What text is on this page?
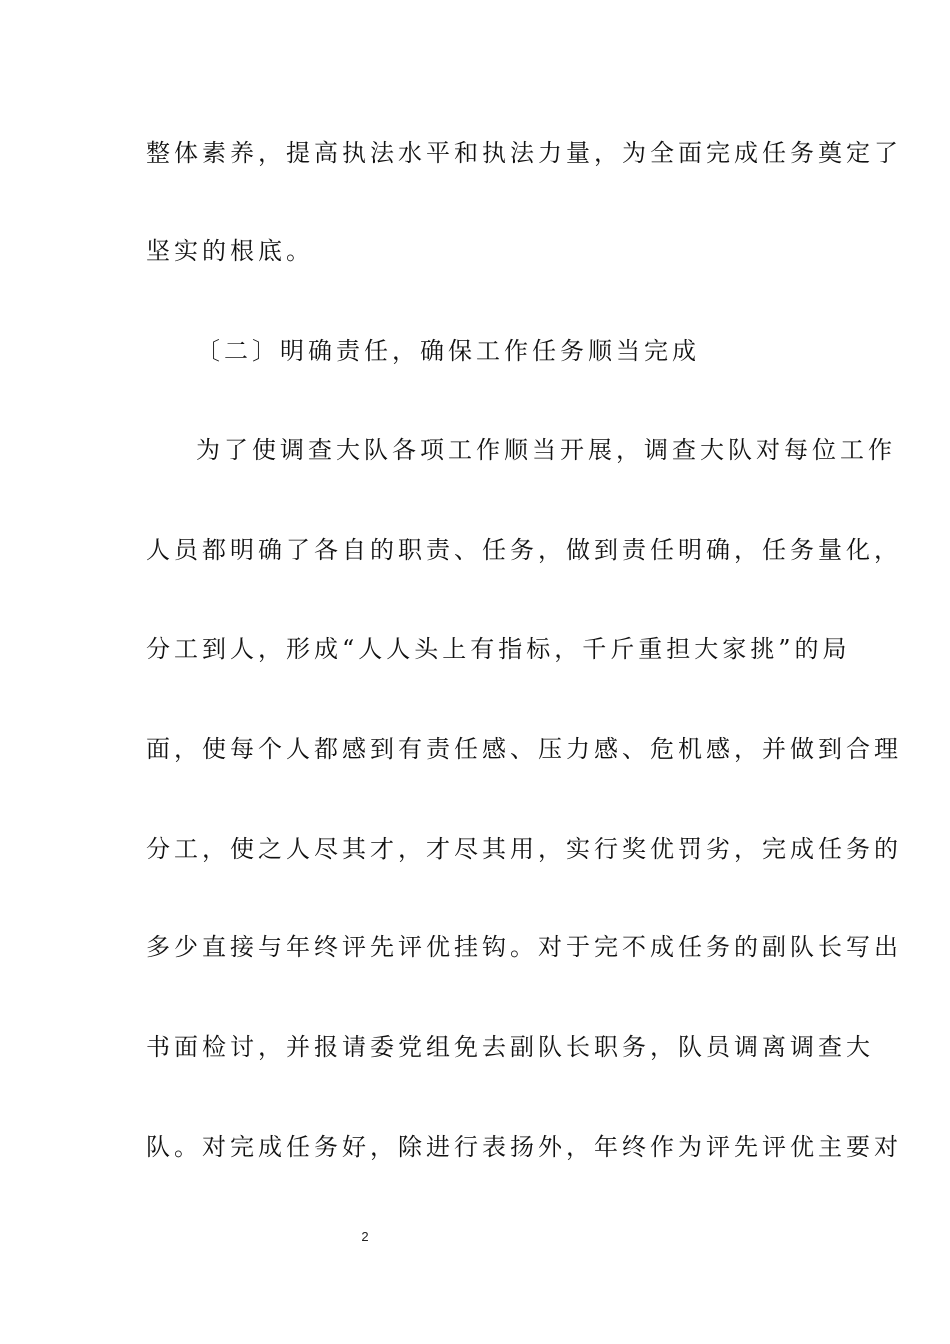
整体素养，提高执法水平和执法力量，为全面完成任务奠定了
坚实的根底。
〔二〕明确责任，确保工作任务顺当完成
为了使调查大队各项工作顺当开展，调查大队对每位工作
人员都明确了各自的职责、任务，做到责任明确，任务量化，
分工到人，形成“人人头上有指标，千斤重担大家挑”的局
面，使每个人都感到有责任感、压力感、危机感，并做到合理
分工，使之人尽其才，才尽其用，实行奖优罚劣，完成任务的
多少直接与年终评先评优挂钩。对于完不成任务的副队长写出
书面检讨，并报请委党组免去副队长职务，队员调离调查大
队。对完成任务好，除进行表扬外，年终作为评先评优主要对
2
